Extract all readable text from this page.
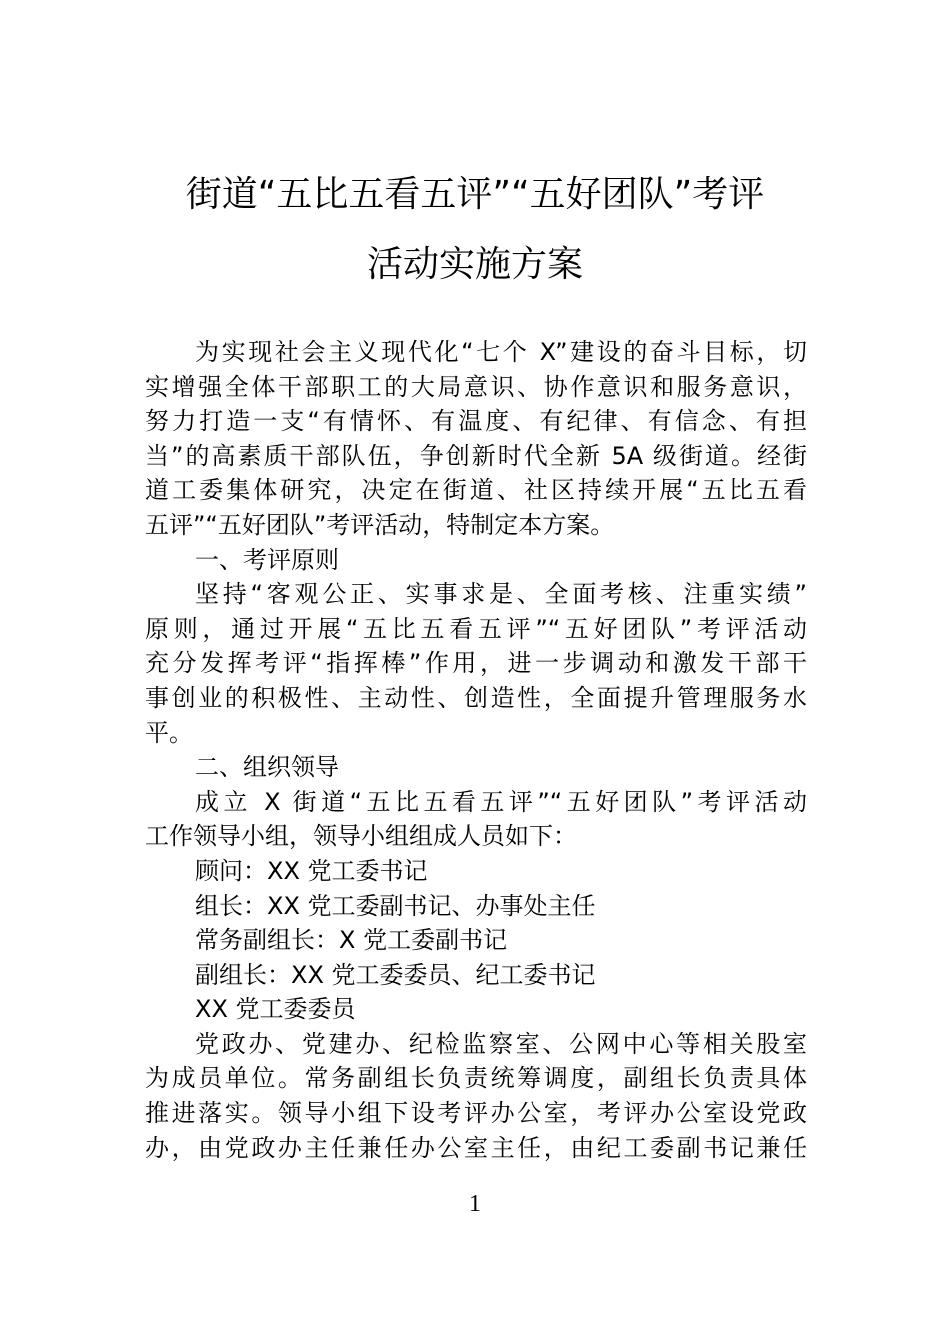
街道“五比五看五评”“五好团队”考评
活动实施方案
为实现社会主义现代化“七个 X”建设的奋斗目标，切
实增强全体干部职工的大局意识、协作意识和服务意识，
努力打造一支“有情怀、有温度、有纪律、有信念、有担
当”的高素质干部队伍，争创新时代全新 5A 级街道。经街
道工委集体研究，决定在街道、社区持续开展“五比五看
五评”“五好团队”考评活动，特制定本方案。
一、考评原则
坚持“客观公正、实事求是、全面考核、注重实绩”
原则，通过开展“五比五看五评”“五好团队”考评活动
充分发挥考评“指挥棒”作用，进一步调动和激发干部干
事创业的积极性、主动性、创造性，全面提升管理服务水
平。
二、组织领导
成立 X 街道“五比五看五评”“五好团队”考评活动
工作领导小组，领导小组组成人员如下：
顾问：XX 党工委书记
组长：XX 党工委副书记、办事处主任
常务副组长：X 党工委副书记
副组长：XX 党工委委员、纪工委书记
XX 党工委委员
党政办、党建办、纪检监察室、公网中心等相关股室
为成员单位。常务副组长负责统筹调度，副组长负责具体
推进落实。领导小组下设考评办公室，考评办公室设党政
办，由党政办主任兼任办公室主任，由纪工委副书记兼任
1
